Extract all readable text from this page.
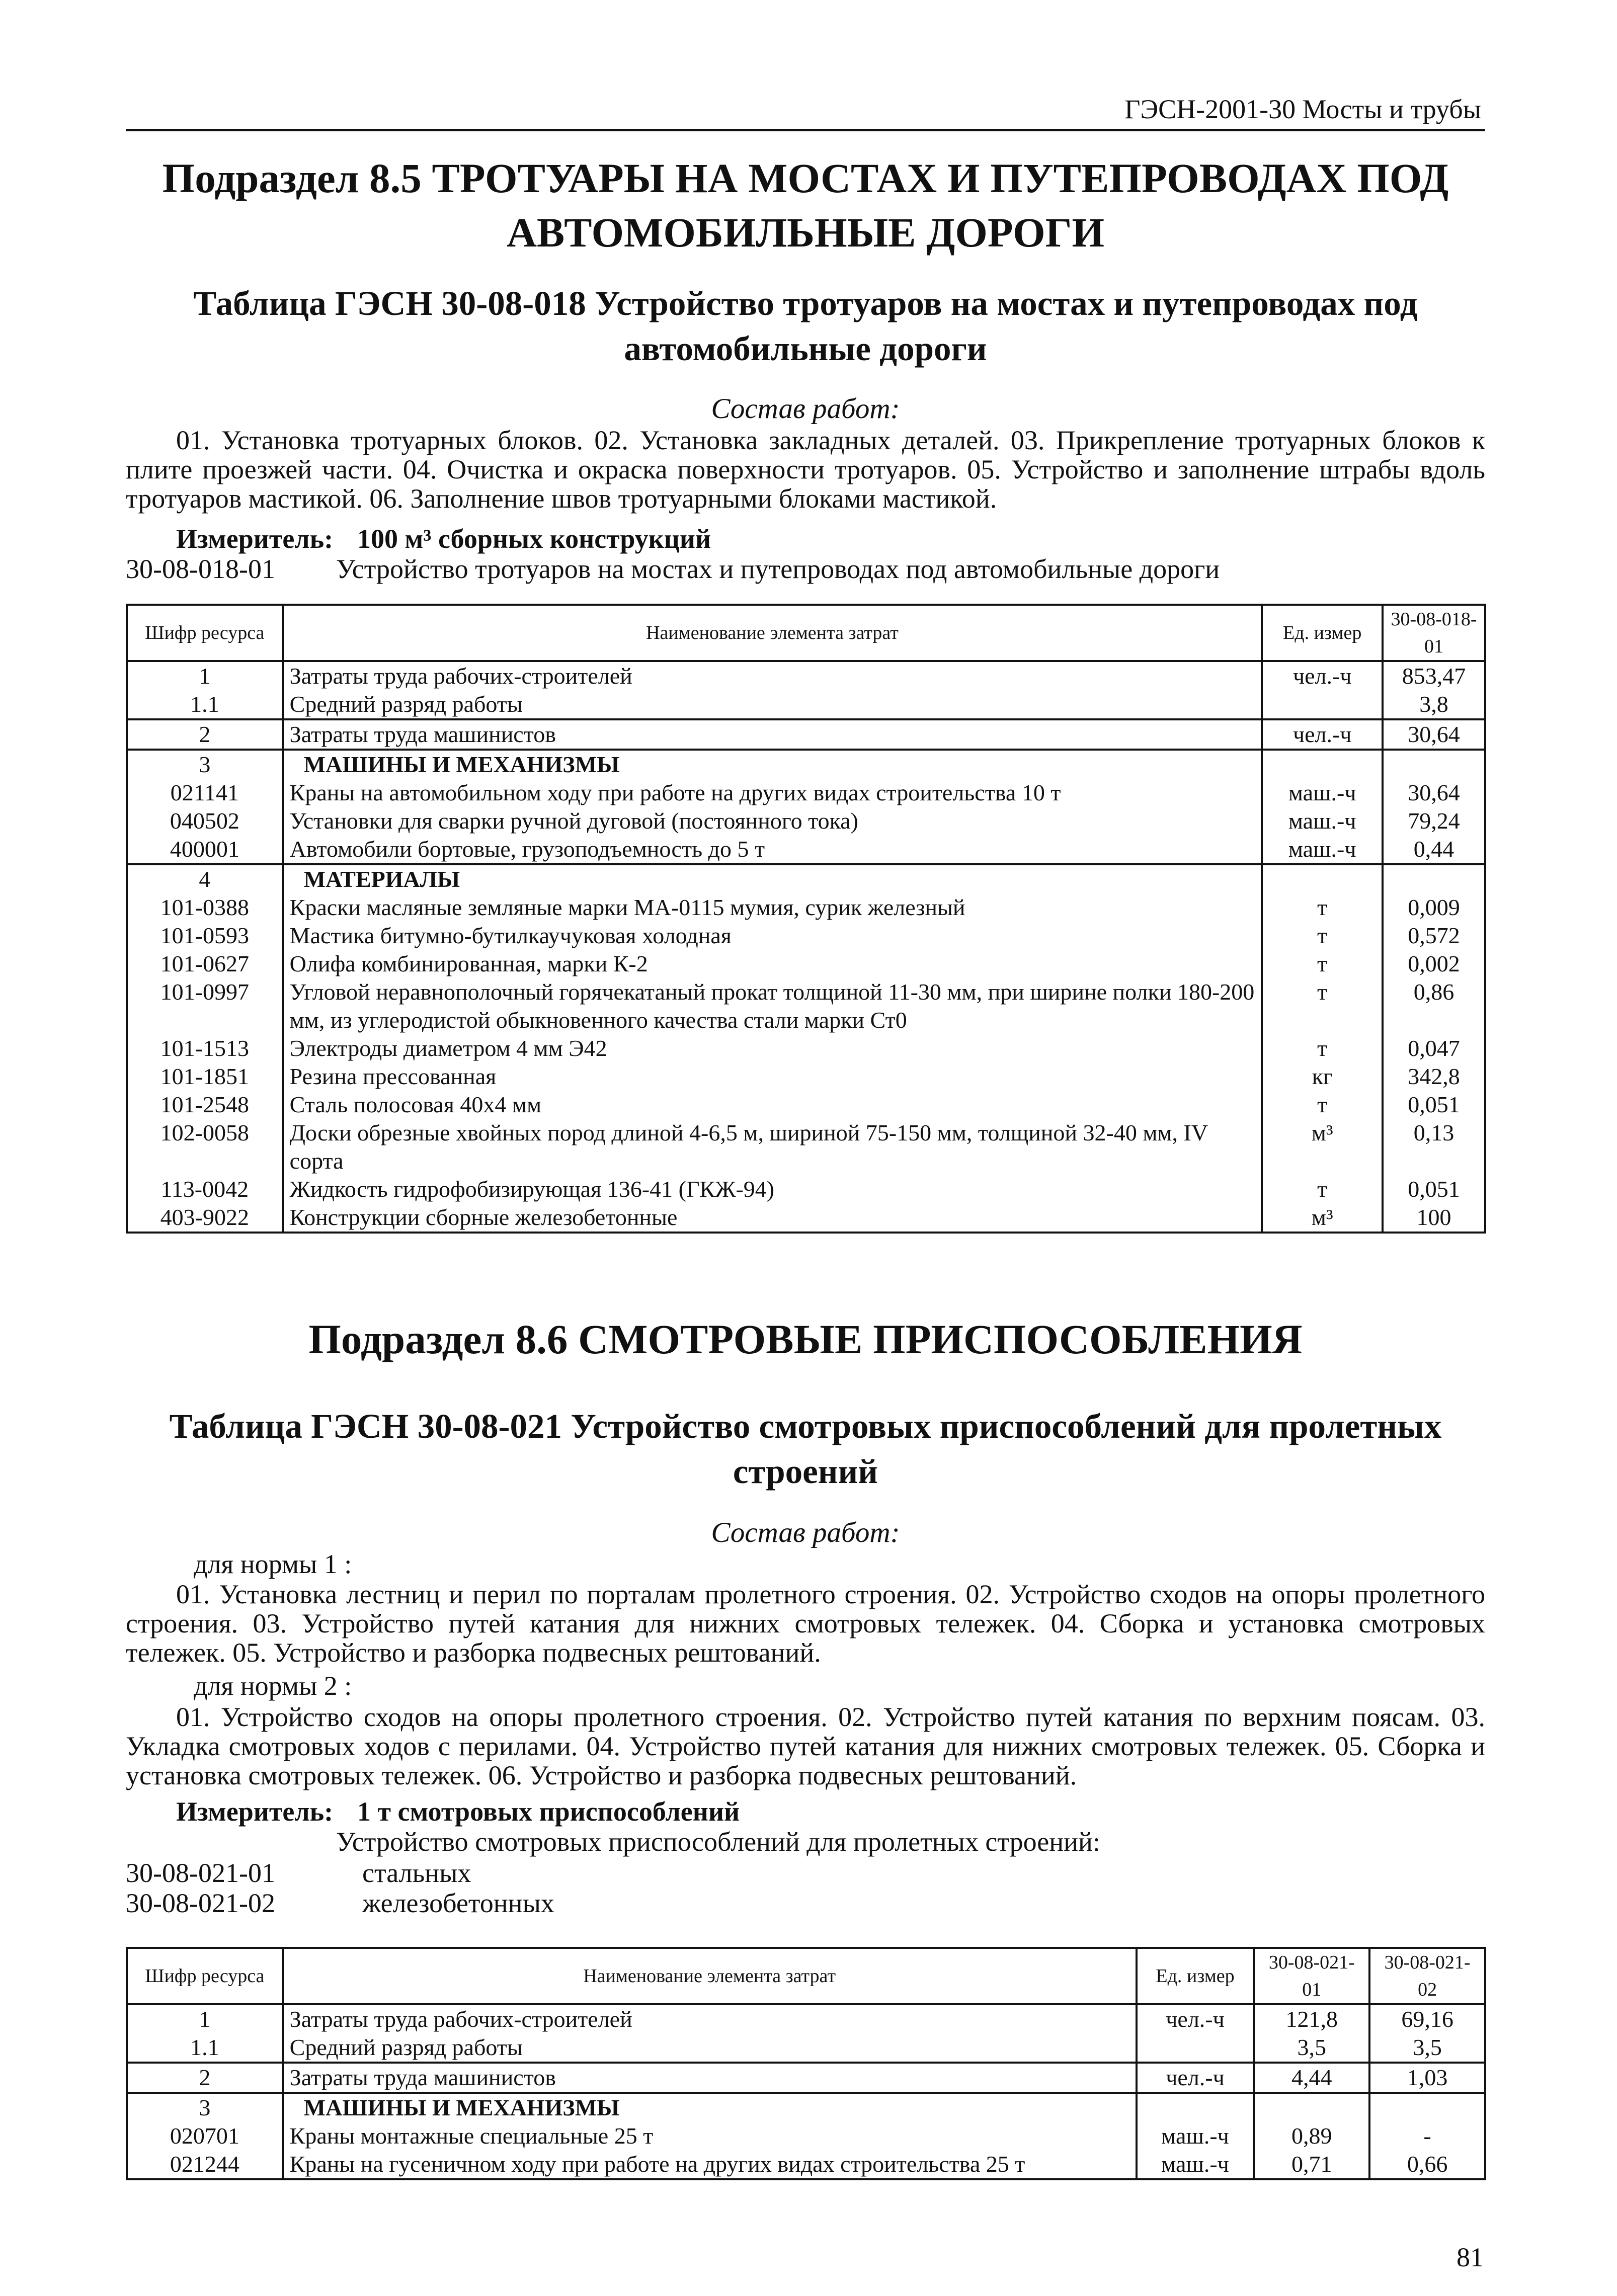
ГЭСН-2001-30 Мосты и трубы
Подраздел 8.5 ТРОТУАРЫ НА МОСТАХ И ПУТЕПРОВОДАХ ПОД АВТОМОБИЛЬНЫЕ ДОРОГИ
Таблица ГЭСН 30-08-018 Устройство тротуаров на мостах и путепроводах под автомобильные дороги
Состав работ:
01. Установка тротуарных блоков. 02. Установка закладных деталей. 03. Прикрепление тротуарных блоков к плите проезжей части. 04. Очистка и окраска поверхности тротуаров. 05. Устройство и заполнение штрабы вдоль тротуаров мастикой. 06. Заполнение швов тротуарными блоками мастикой.
Измеритель: 100 м³ сборных конструкций
30-08-018-01 Устройство тротуаров на мостах и путепроводах под автомобильные дороги
Шифр ресурса	Наименование элемента затрат	Ед. измер	30-08-018-01
1	Затраты труда рабочих-строителей	чел.-ч	853,47
1.1	Средний разряд работы		3,8
2	Затраты труда машинистов	чел.-ч	30,64
3	МАШИНЫ И МЕХАНИЗМЫ		
021141	Краны на автомобильном ходу при работе на других видах строительства 10 т	маш.-ч	30,64
040502	Установки для сварки ручной дуговой (постоянного тока)	маш.-ч	79,24
400001	Автомобили бортовые, грузоподъемность до 5 т	маш.-ч	0,44
4	МАТЕРИАЛЫ		
101-0388	Краски масляные земляные марки МА-0115 мумия, сурик железный	т	0,009
101-0593	Мастика битумно-бутилкаучуковая холодная	т	0,572
101-0627	Олифа комбинированная, марки К-2	т	0,002
101-0997	Угловой неравнополочный горячекатаный прокат толщиной 11-30 мм, при ширине полки 180-200 мм, из углеродистой обыкновенного качества стали марки Ст0	т	0,86
101-1513	Электроды диаметром 4 мм Э42	т	0,047
101-1851	Резина прессованная	кг	342,8
101-2548	Сталь полосовая 40х4 мм	т	0,051
102-0058	Доски обрезные хвойных пород длиной 4-6,5 м, шириной 75-150 мм, толщиной 32-40 мм, IV сорта	м³	0,13
113-0042	Жидкость гидрофобизирующая 136-41 (ГКЖ-94)	т	0,051
403-9022	Конструкции сборные железобетонные	м³	100
Подраздел 8.6 СМОТРОВЫЕ ПРИСПОСОБЛЕНИЯ
Таблица ГЭСН 30-08-021 Устройство смотровых приспособлений для пролетных строений
Состав работ:
для нормы 1 :
01. Установка лестниц и перил по порталам пролетного строения. 02. Устройство сходов на опоры пролетного строения. 03. Устройство путей катания для нижних смотровых тележек. 04. Сборка и установка смотровых тележек. 05. Устройство и разборка подвесных рештований.
для нормы 2 :
01. Устройство сходов на опоры пролетного строения. 02. Устройство путей катания по верхним поясам. 03. Укладка смотровых ходов с перилами. 04. Устройство путей катания для нижних смотровых тележек. 05. Сборка и установка смотровых тележек. 06. Устройство и разборка подвесных рештований.
Измеритель: 1 т смотровых приспособлений
Устройство смотровых приспособлений для пролетных строений:
30-08-021-01	стальных
30-08-021-02	железобетонных
Шифр ресурса	Наименование элемента затрат	Ед. измер	30-08-021-01	30-08-021-02
1	Затраты труда рабочих-строителей	чел.-ч	121,8	69,16
1.1	Средний разряд работы		3,5	3,5
2	Затраты труда машинистов	чел.-ч	4,44	1,03
3	МАШИНЫ И МЕХАНИЗМЫ			
020701	Краны монтажные специальные 25 т	маш.-ч	0,89	-
021244	Краны на гусеничном ходу при работе на других видах строительства 25 т	маш.-ч	0,71	0,66
81
